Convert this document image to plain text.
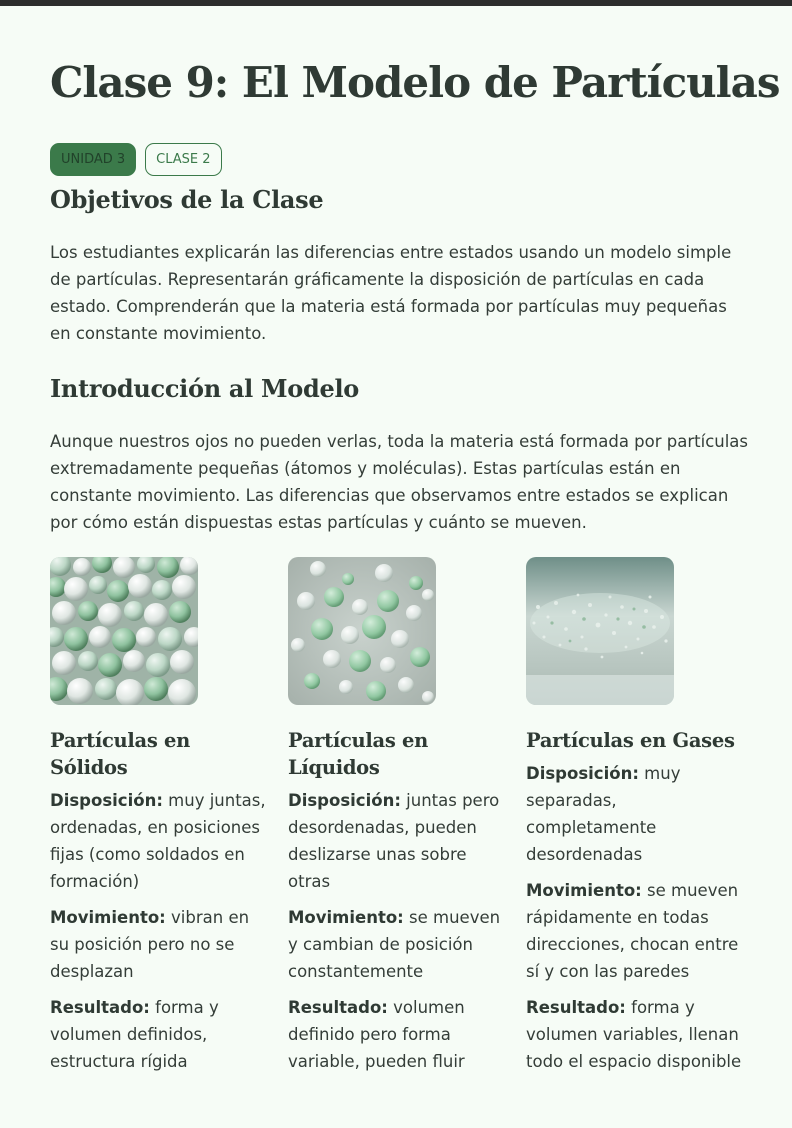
Clase 9: El Modelo de Partículas
UNIDAD 3	CLASE 2
Objetivos de la Clase

Los estudiantes explicarán las diferencias entre estados usando un modelo simple de partículas. Representarán gráficamente la disposición de partículas en cada estado. Comprenderán que la materia está formada por partículas muy pequeñas en constante movimiento.

Introducción al Modelo

Aunque nuestros ojos no pueden verlas, toda la materia está formada por partículas extremadamente pequeñas (átomos y moléculas). Estas partículas están en constante movimiento. Las diferencias que observamos entre estados se explican por cómo están dispuestas estas partículas y cuánto se mueven.

Partículas en Sólidos

Disposición: muy juntas, ordenadas, en posiciones fijas (como soldados en formación)

Movimiento: vibran en su posición pero no se desplazan

Resultado: forma y volumen definidos, estructura rígida

Partículas en Líquidos

Disposición: juntas pero desordenadas, pueden deslizarse unas sobre otras

Movimiento: se mueven y cambian de posición constantemente

Resultado: volumen definido pero forma variable, pueden fluir

Partículas en Gases

Disposición: muy separadas, completamente desordenadas

Movimiento: se mueven rápidamente en todas direcciones, chocan entre sí y con las paredes

Resultado: forma y volumen variables, llenan todo el espacio disponible
